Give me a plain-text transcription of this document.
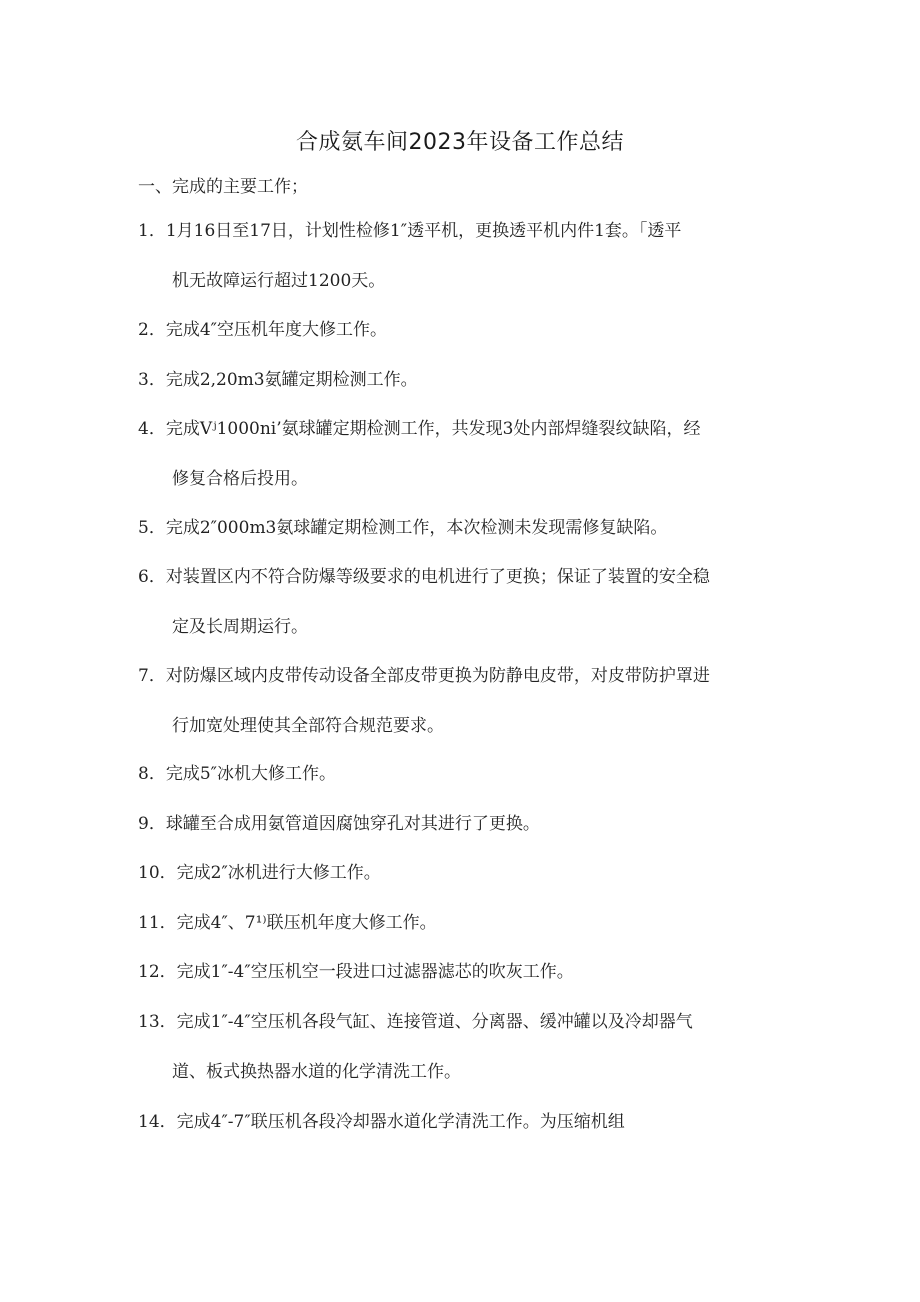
合成氨车间2023年设备工作总结
一、完成的主要工作；
1．1月16日至17日，计划性检修1″透平机，更换透平机内件1套。「透平
机无故障运行超过1200天。
2．完成4″空压机年度大修工作。
3．完成2,20m3氨罐定期检测工作。
4．完成Vʲ1000ni’氨球罐定期检测工作，共发现3处内部焊缝裂纹缺陷，经
修复合格后投用。
5．完成2″000m3氨球罐定期检测工作，本次检测未发现需修复缺陷。
6．对装置区内不符合防爆等级要求的电机进行了更换；保证了装置的安全稳
定及长周期运行。
7．对防爆区域内皮带传动设备全部皮带更换为防静电皮带，对皮带防护罩进
行加宽处理使其全部符合规范要求。
8．完成5″冰机大修工作。
9．球罐至合成用氨管道因腐蚀穿孔对其进行了更换。
10．完成2″冰机进行大修工作。
11．完成4″、7¹⁾联压机年度大修工作。
12．完成1″-4″空压机空一段进口过滤器滤芯的吹灰工作。
13．完成1″-4″空压机各段气缸、连接管道、分离器、缓冲罐以及冷却器气
道、板式换热器水道的化学清洗工作。
14．完成4″-7″联压机各段冷却器水道化学清洗工作。为压缩机组
